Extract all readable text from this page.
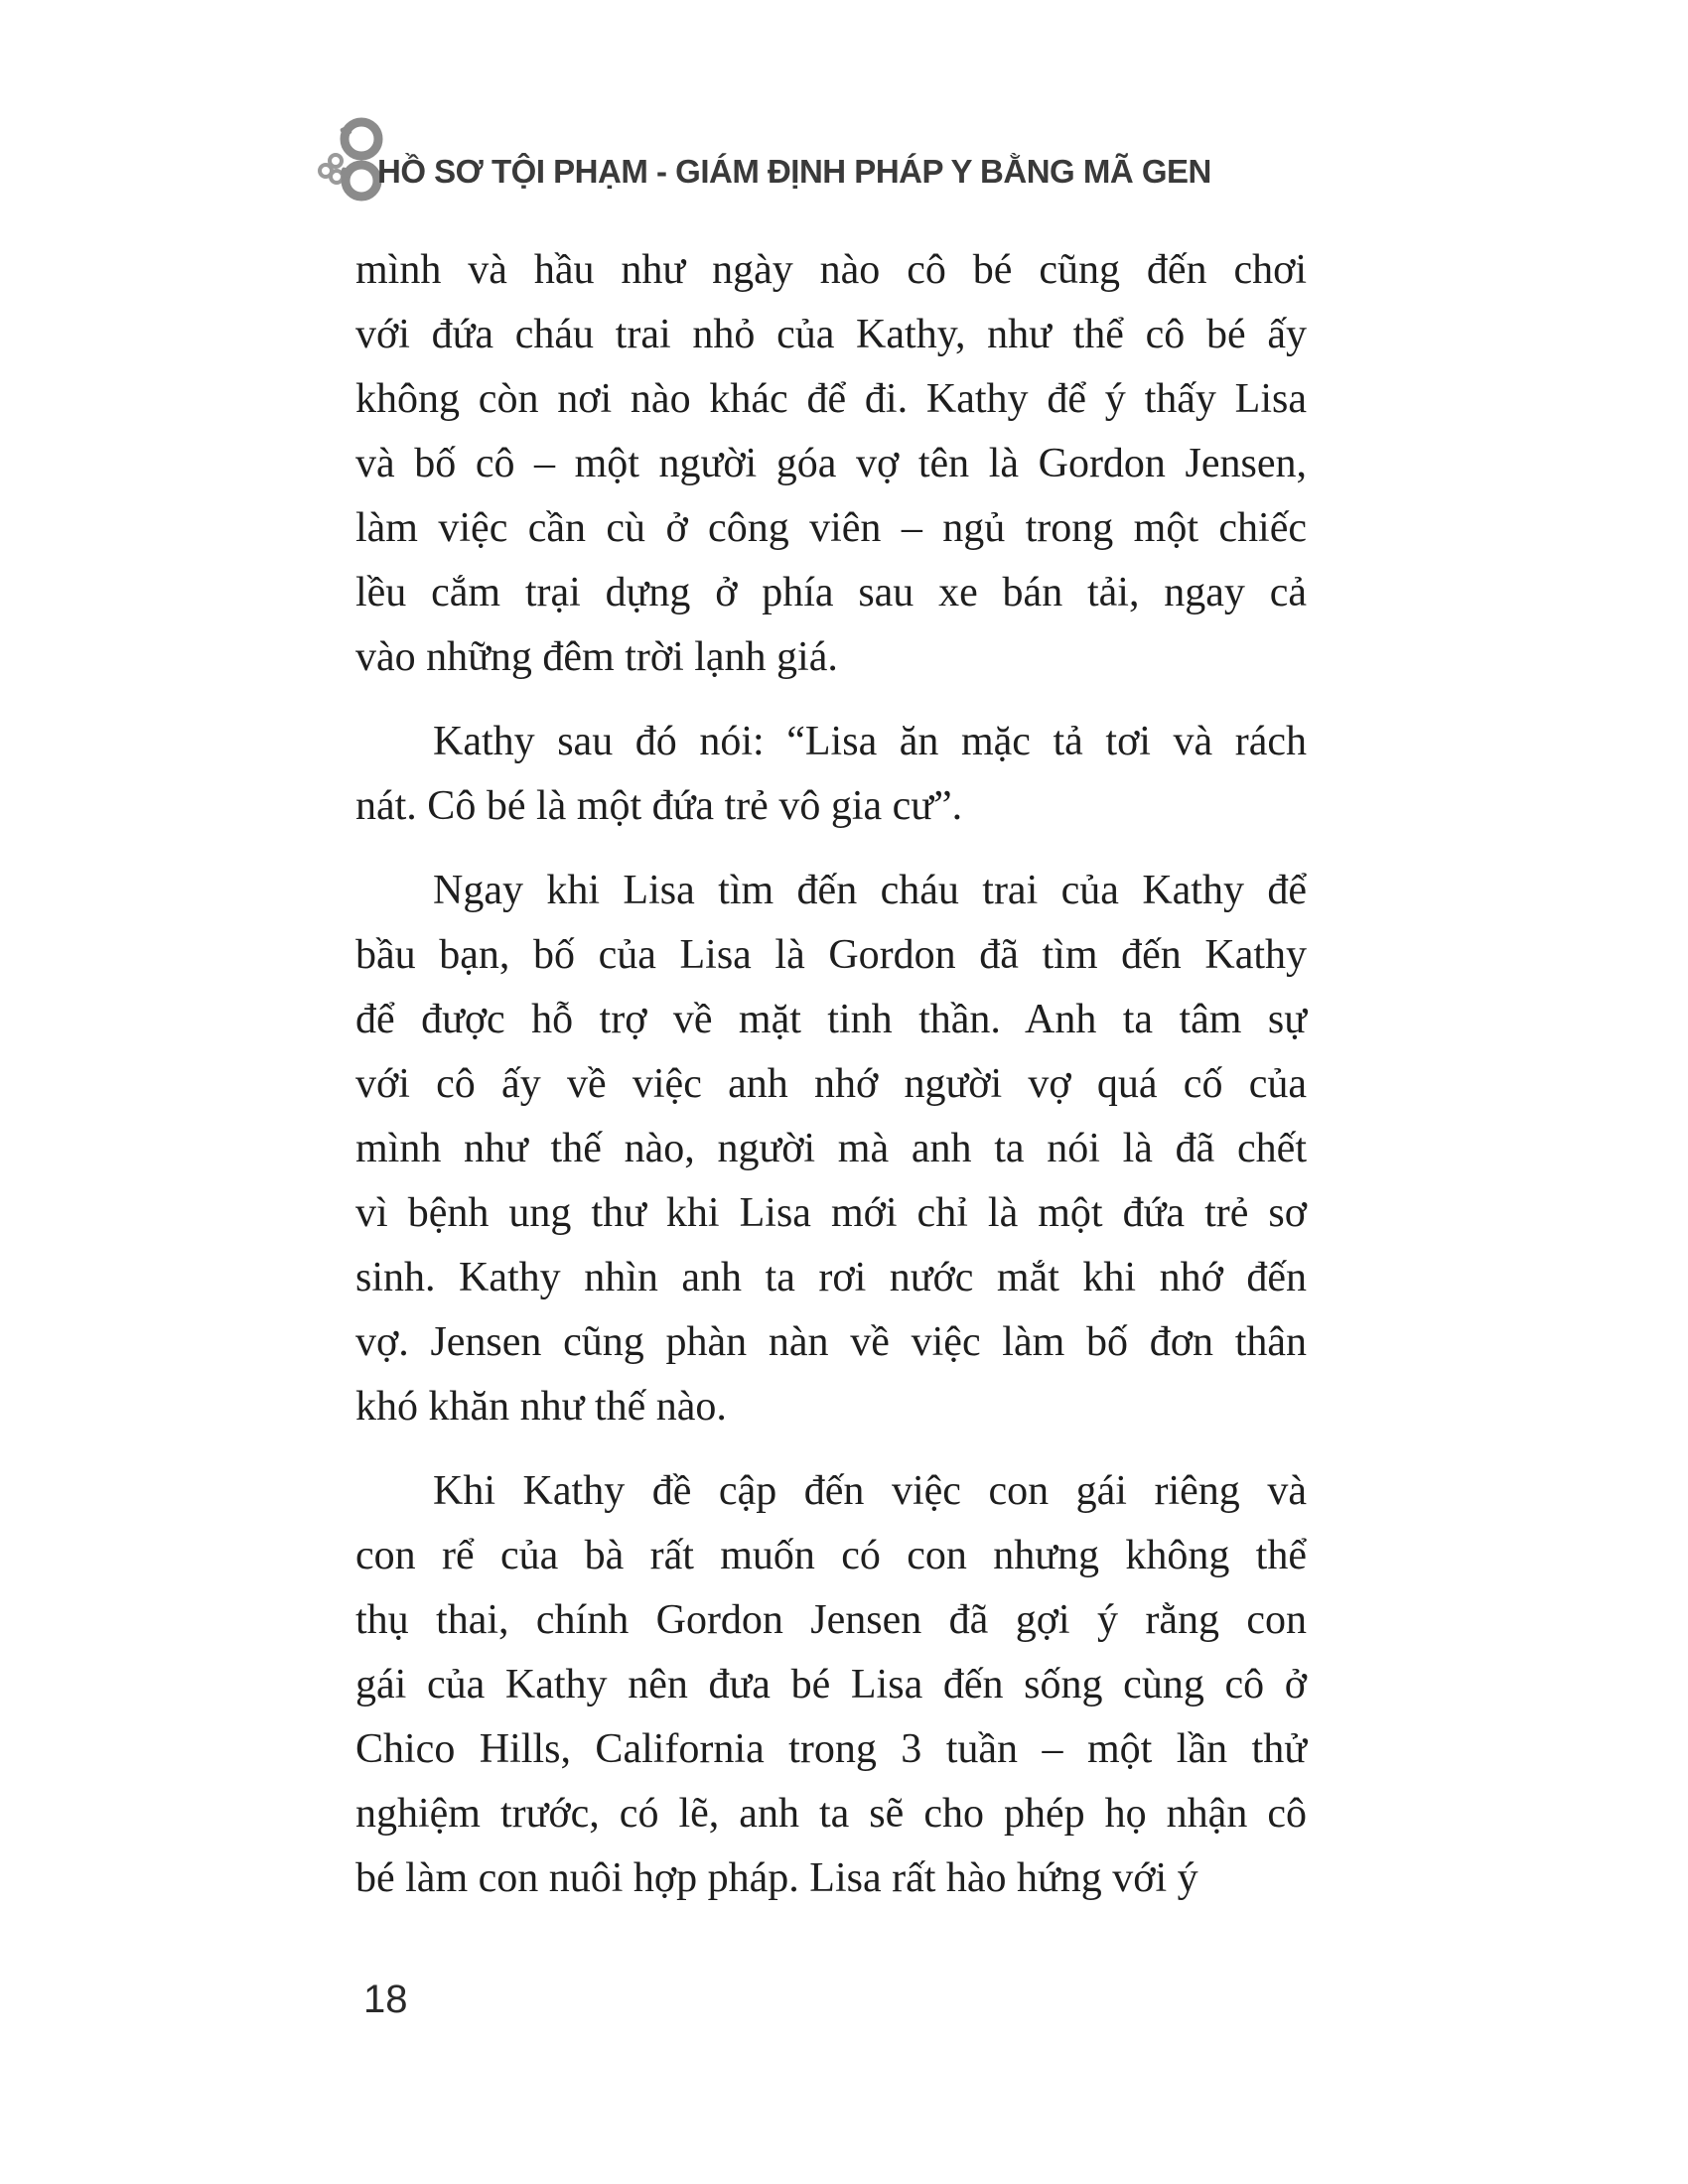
HỒ SƠ TỘI PHẠM - GIÁM ĐỊNH PHÁP Y BẰNG MÃ GEN
mình và hầu như ngày nào cô bé cũng đến chơi
với đứa cháu trai nhỏ của Kathy, như thể cô bé ấy
không còn nơi nào khác để đi. Kathy để ý thấy Lisa
và bố cô – một người góa vợ tên là Gordon Jensen,
làm việc cần cù ở công viên – ngủ trong một chiếc
lều cắm trại dựng ở phía sau xe bán tải, ngay cả
vào những đêm trời lạnh giá.
Kathy sau đó nói: “Lisa ăn mặc tả tơi và rách
nát. Cô bé là một đứa trẻ vô gia cư”.
Ngay khi Lisa tìm đến cháu trai của Kathy để
bầu bạn, bố của Lisa là Gordon đã tìm đến Kathy
để được hỗ trợ về mặt tinh thần. Anh ta tâm sự
với cô ấy về việc anh nhớ người vợ quá cố của
mình như thế nào, người mà anh ta nói là đã chết
vì bệnh ung thư khi Lisa mới chỉ là một đứa trẻ sơ
sinh. Kathy nhìn anh ta rơi nước mắt khi nhớ đến
vợ. Jensen cũng phàn nàn về việc làm bố đơn thân
khó khăn như thế nào.
Khi Kathy đề cập đến việc con gái riêng và
con rể của bà rất muốn có con nhưng không thể
thụ thai, chính Gordon Jensen đã gợi ý rằng con
gái của Kathy nên đưa bé Lisa đến sống cùng cô ở
Chico Hills, California trong 3 tuần – một lần thử
nghiệm trước, có lẽ, anh ta sẽ cho phép họ nhận cô
bé làm con nuôi hợp pháp. Lisa rất hào hứng với ý
18
